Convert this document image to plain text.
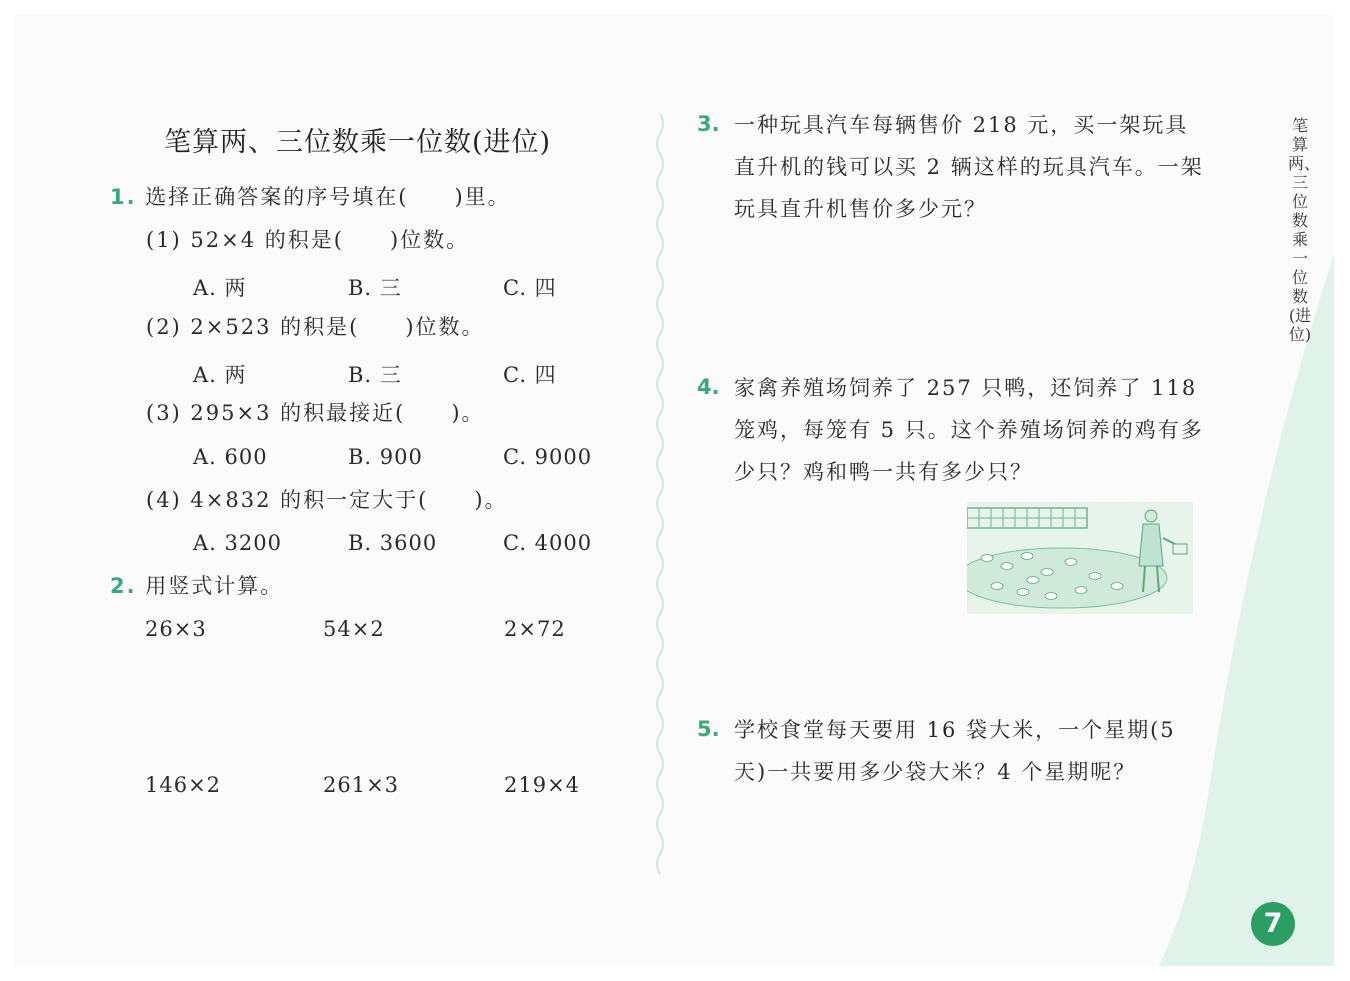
笔算两、三位数乘一位数(进位)
1. 选择正确答案的序号填在(　　)里。
(1) 52×4 的积是(　　)位数。
A. 两	B. 三	C. 四
(2) 2×523 的积是(　　)位数。
A. 两	B. 三	C. 四
(3) 295×3 的积最接近(　　)。
A. 600	B. 900	C. 9000
(4) 4×832 的积一定大于(　　)。
A. 3200	B. 3600	C. 4000
2. 用竖式计算。
26×3	54×2	2×72
146×2	261×3	219×4
3. 一种玩具汽车每辆售价 218 元，买一架玩具直升机的钱可以买 2 辆这样的玩具汽车。一架玩具直升机售价多少元？
4. 家禽养殖场饲养了 257 只鸭，还饲养了 118 笼鸡，每笼有 5 只。这个养殖场饲养的鸡有多少只？鸡和鸭一共有多少只？
5. 学校食堂每天要用 16 袋大米，一个星期(5 天)一共要用多少袋大米？4 个星期呢？
笔算两、三位数乘一位数(进位)
7
